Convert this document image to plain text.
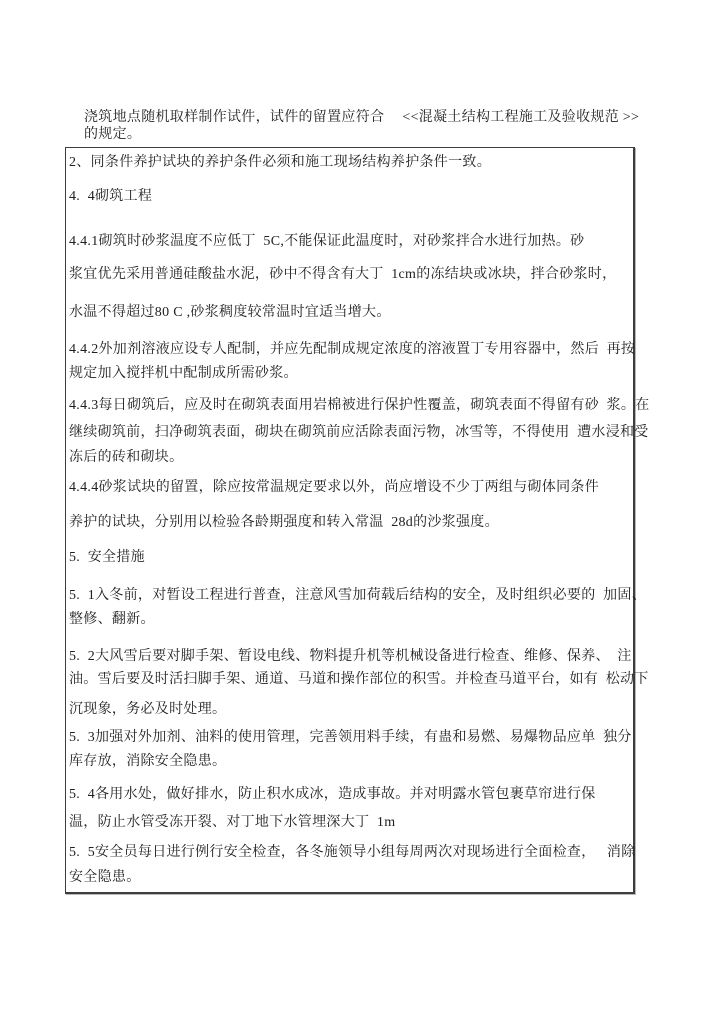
浇筑地点随机取样制作试件，试件的留置应符合　 <<混凝土结构工程施工及验收规范 >>
的规定。
2、同条件养护试块的养护条件必须和施工现场结构养护条件一致。
4.  4砌筑工程
4.4.1砌筑时砂浆温度不应低丁  5C,不能保证此温度时，对砂浆拌合水进行加热。砂
浆宜优先采用普通硅酸盐水泥，砂中不得含有大丁  1cm的冻结块或冰块，拌合砂浆时，
水温不得超过80 C ,砂浆稠度较常温时宜适当增大。
4.4.2外加剂溶液应设专人配制，并应先配制成规定浓度的溶液置丁专用容器中，然后  再按
规定加入搅拌机中配制成所需砂浆。
4.4.3每日砌筑后，应及时在砌筑表面用岩棉被进行保护性覆盖，砌筑表面不得留有砂  浆。在
继续砌筑前，扫净砌筑表面，砌块在砌筑前应活除表面污物，冰雪等，不得使用  遭水浸和受
冻后的砖和砌块。
4.4.4砂浆试块的留置，除应按常温规定要求以外，尚应增设不少丁两组与砌体同条件
养护的试块，分别用以检验各龄期强度和转入常温  28d的沙浆强度。
5.  安全措施
5.  1入冬前，对暂设工程进行普查，注意风雪加荷载后结构的安全，及时组织必要的  加固、
整修、翻新。
5.  2大风雪后要对脚手架、暂设电线、物料提升机等机械设备进行检查、维修、保养、  注
油。雪后要及时活扫脚手架、通道、马道和操作部位的积雪。并检查马道平台，如有  松动下
沉现象，务必及时处理。
5.  3加强对外加剂、油料的使用管理，完善领用料手续，有蛊和易燃、易爆物品应单  独分
库存放，消除安全隐患。
5.  4各用水处，做好排水，防止积水成冰，造成事故。并对明露水管包裹草帘进行保
温，防止水管受冻开裂、对丁地下水管埋深大丁  1m
5.  5安全员每日进行例行安全检查，各冬施领导小组每周两次对现场进行全面检查，   消除
安全隐患。
